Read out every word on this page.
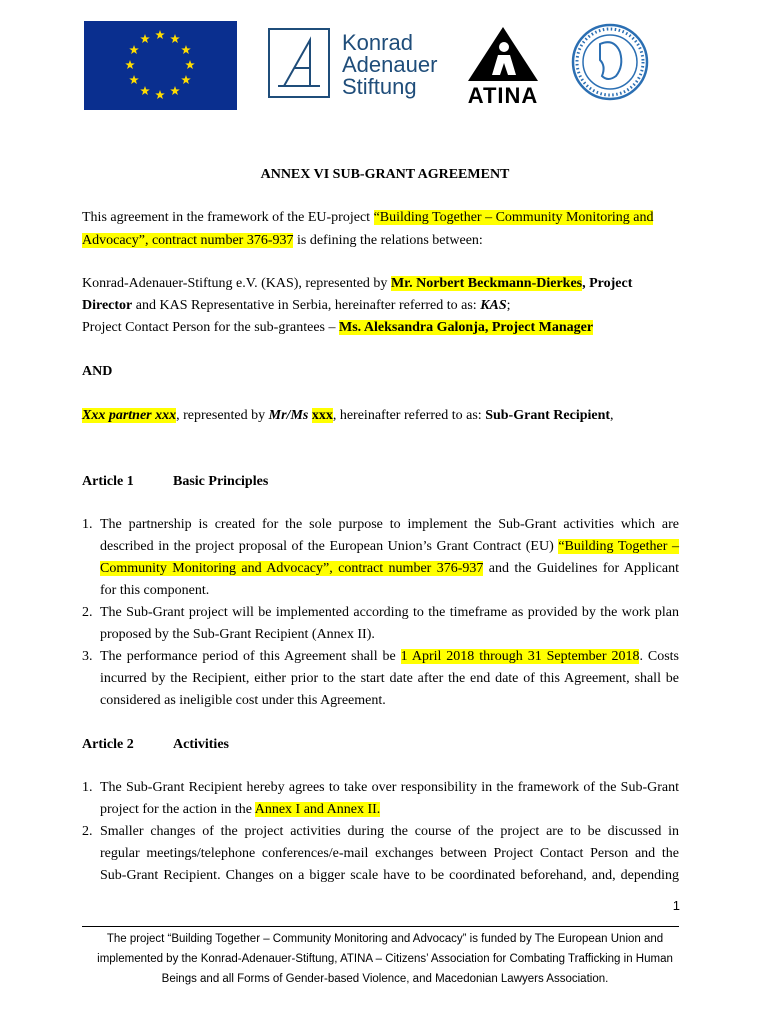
Konrad
Adenauer
Stiftung	ATINA
ANNEX VI SUB-GRANT AGREEMENT
This agreement in the framework of the EU-project “Building Together – Community Monitoring and
Advocacy”, contract number 376-937 is defining the relations between:
Konrad-Adenauer-Stiftung e.V. (KAS), represented by Mr. Norbert Beckmann-Dierkes, Project
Director and KAS Representative in Serbia, hereinafter referred to as: KAS;
Project Contact Person for the sub-grantees – Ms. Aleksandra Galonja, Project Manager
AND
Xxx partner xxx, represented by Mr/Ms xxx, hereinafter referred to as: Sub-Grant Recipient,
Article 1	Basic Principles
1. The partnership is created for the sole purpose to implement the Sub-Grant activities which are
described in the project proposal of the European Union’s Grant Contract (EU) “Building Together –
Community Monitoring and Advocacy”, contract number 376-937 and the Guidelines for Applicant
for this component.
2. The Sub-Grant project will be implemented according to the timeframe as provided by the work plan
proposed by the Sub-Grant Recipient (Annex II).
3. The performance period of this Agreement shall be 1 April 2018 through 31 September 2018. Costs
incurred by the Recipient, either prior to the start date after the end date of this Agreement, shall be
considered as ineligible cost under this Agreement.
Article 2	Activities
1. The Sub-Grant Recipient hereby agrees to take over responsibility in the framework of the Sub-Grant
project for the action in the Annex I and Annex II.
2. Smaller changes of the project activities during the course of the project are to be discussed in
regular meetings/telephone conferences/e-mail exchanges between Project Contact Person and the
Sub-Grant Recipient. Changes on a bigger scale have to be coordinated beforehand, and, depending
1
The project “Building Together – Community Monitoring and Advocacy” is funded by The European Union and
implemented by the Konrad-Adenauer-Stiftung, ATINA – Citizens’ Association for Combating Trafficking in Human
Beings and all Forms of Gender-based Violence, and Macedonian Lawyers Association.
